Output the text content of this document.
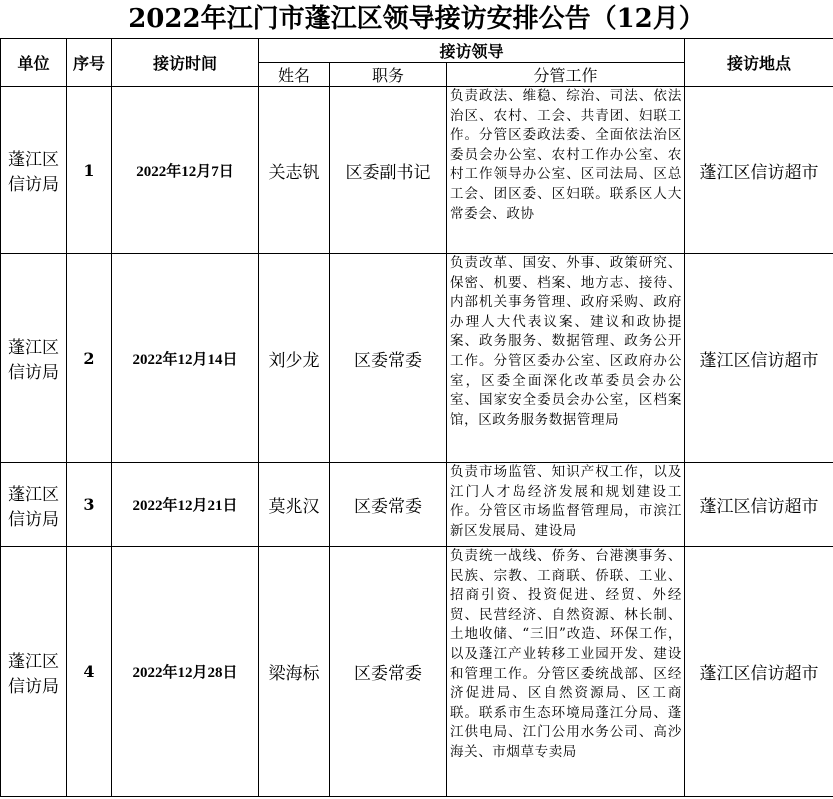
2022年江门市蓬江区领导接访安排公告（12月）
单位	序号	接访时间	接访领导			接访地点
			姓名	职务	分管工作	
蓬江区信访局	1	2022年12月7日	关志钒	区委副书记	负责政法、维稳、综治、司法、依法治区、农村、工会、共青团、妇联工作。分管区委政法委、全面依法治区委员会办公室、农村工作办公室、农村工作领导办公室、区司法局、区总工会、团区委、区妇联。联系区人大常委会、政协	蓬江区信访超市
蓬江区信访局	2	2022年12月14日	刘少龙	区委常委	负责改革、国安、外事、政策研究、保密、机要、档案、地方志、接待、内部机关事务管理、政府采购、政府办理人大代表议案、建议和政协提案、政务服务、数据管理、政务公开工作。分管区委办公室、区政府办公室，区委全面深化改革委员会办公室、国家安全委员会办公室，区档案馆，区政务服务数据管理局	蓬江区信访超市
蓬江区信访局	3	2022年12月21日	莫兆汉	区委常委	负责市场监管、知识产权工作，以及江门人才岛经济发展和规划建设工作。分管区市场监督管理局，市滨江新区发展局、建设局	蓬江区信访超市
蓬江区信访局	4	2022年12月28日	梁海标	区委常委	负责统一战线、侨务、台港澳事务、民族、宗教、工商联、侨联、工业、招商引资、投资促进、经贸、外经贸、民营经济、自然资源、林长制、土地收储、“三旧”改造、环保工作，以及蓬江产业转移工业园开发、建设和管理工作。分管区委统战部、区经济促进局、区自然资源局、区工商联。联系市生态环境局蓬江分局、蓬江供电局、江门公用水务公司、高沙海关、市烟草专卖局	蓬江区信访超市
